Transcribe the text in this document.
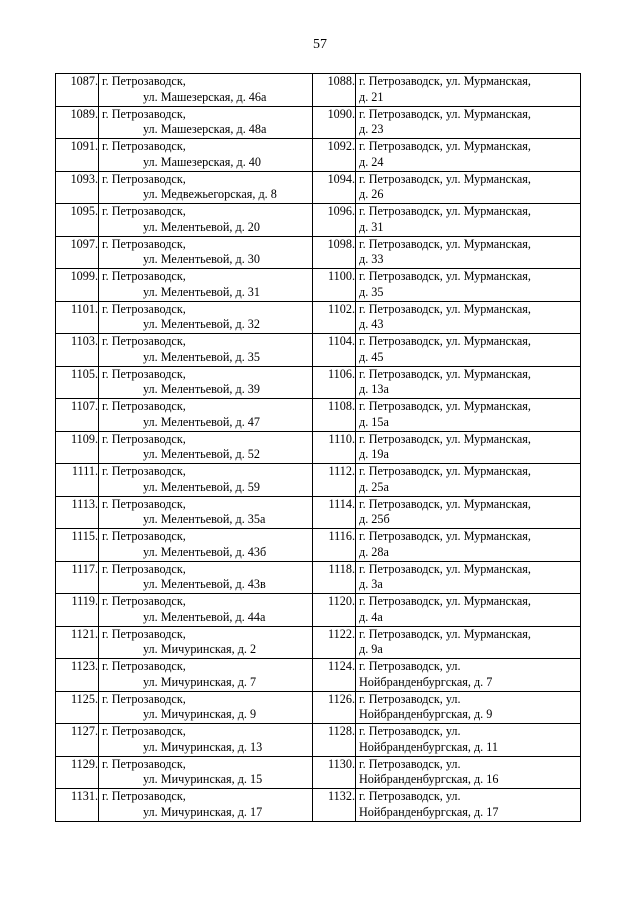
57
1087.	г. Петрозаводск,
ул. Машезерская, д. 46а	1088.	г. Петрозаводск, ул. Мурманская,
д. 21

1089.	г. Петрозаводск,
ул. Машезерская, д. 48а	1090.	г. Петрозаводск, ул. Мурманская,
д. 23

1091.	г. Петрозаводск,
ул. Машезерская, д. 40	1092.	г. Петрозаводск, ул. Мурманская,
д. 24

1093.	г. Петрозаводск,
ул. Медвежьегорская, д. 8	1094.	г. Петрозаводск, ул. Мурманская,
д. 26

1095.	г. Петрозаводск,
ул. Мелентьевой, д. 20	1096.	г. Петрозаводск, ул. Мурманская,
д. 31

1097.	г. Петрозаводск,
ул. Мелентьевой, д. 30	1098.	г. Петрозаводск, ул. Мурманская,
д. 33

1099.	г. Петрозаводск,
ул. Мелентьевой, д. 31	1100.	г. Петрозаводск, ул. Мурманская,
д. 35

1101.	г. Петрозаводск,
ул. Мелентьевой, д. 32	1102.	г. Петрозаводск, ул. Мурманская,
д. 43

1103.	г. Петрозаводск,
ул. Мелентьевой, д. 35	1104.	г. Петрозаводск, ул. Мурманская,
д. 45

1105.	г. Петрозаводск,
ул. Мелентьевой, д. 39	1106.	г. Петрозаводск, ул. Мурманская,
д. 13а

1107.	г. Петрозаводск,
ул. Мелентьевой, д. 47	1108.	г. Петрозаводск, ул. Мурманская,
д. 15а

1109.	г. Петрозаводск,
ул. Мелентьевой, д. 52	1110.	г. Петрозаводск, ул. Мурманская,
д. 19а

1111.	г. Петрозаводск,
ул. Мелентьевой, д. 59	1112.	г. Петрозаводск, ул. Мурманская,
д. 25а

1113.	г. Петрозаводск,
ул. Мелентьевой, д. 35а	1114.	г. Петрозаводск, ул. Мурманская,
д. 25б

1115.	г. Петрозаводск,
ул. Мелентьевой, д. 43б	1116.	г. Петрозаводск, ул. Мурманская,
д. 28а

1117.	г. Петрозаводск,
ул. Мелентьевой, д. 43в	1118.	г. Петрозаводск, ул. Мурманская,
д. 3а

1119.	г. Петрозаводск,
ул. Мелентьевой, д. 44а	1120.	г. Петрозаводск, ул. Мурманская,
д. 4а

1121.	г. Петрозаводск,
ул. Мичуринская, д. 2	1122.	г. Петрозаводск, ул. Мурманская,
д. 9а

1123.	г. Петрозаводск,
ул. Мичуринская, д. 7	1124.	г. Петрозаводск, ул.
Нойбранденбургская, д. 7

1125.	г. Петрозаводск,
ул. Мичуринская, д. 9	1126.	г. Петрозаводск, ул.
Нойбранденбургская, д. 9

1127.	г. Петрозаводск,
ул. Мичуринская, д. 13	1128.	г. Петрозаводск, ул.
Нойбранденбургская, д. 11

1129.	г. Петрозаводск,
ул. Мичуринская, д. 15	1130.	г. Петрозаводск, ул.
Нойбранденбургская, д. 16

1131.	г. Петрозаводск,
ул. Мичуринская, д. 17	1132.	г. Петрозаводск, ул.
Нойбранденбургская, д. 17
